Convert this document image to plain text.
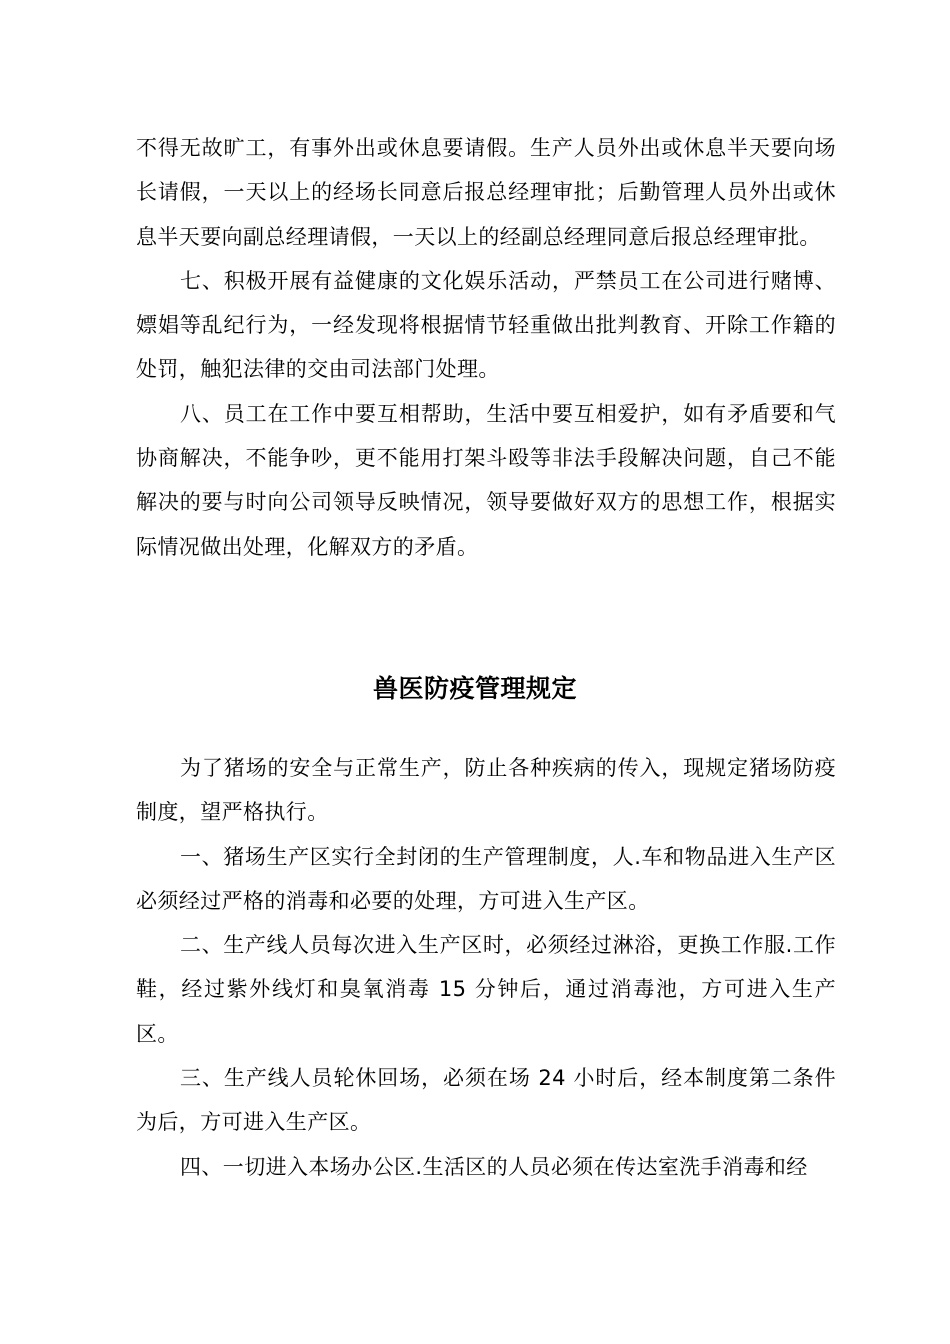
不得无故旷工，有事外出或休息要请假。生产人员外出或休息半天要向场长请假，一天以上的经场长同意后报总经理审批；后勤管理人员外出或休息半天要向副总经理请假，一天以上的经副总经理同意后报总经理审批。

七、积极开展有益健康的文化娱乐活动，严禁员工在公司进行赌博、嫖娼等乱纪行为，一经发现将根据情节轻重做出批判教育、开除工作籍的处罚，触犯法律的交由司法部门处理。

八、员工在工作中要互相帮助，生活中要互相爱护，如有矛盾要和气协商解决，不能争吵，更不能用打架斗殴等非法手段解决问题，自己不能解决的要与时向公司领导反映情况，领导要做好双方的思想工作，根据实际情况做出处理，化解双方的矛盾。

兽医防疫管理规定

为了猪场的安全与正常生产，防止各种疾病的传入，现规定猪场防疫制度，望严格执行。

一、猪场生产区实行全封闭的生产管理制度，人.车和物品进入生产区必须经过严格的消毒和必要的处理，方可进入生产区。

二、生产线人员每次进入生产区时，必须经过淋浴，更换工作服.工作鞋，经过紫外线灯和臭氧消毒 15 分钟后，通过消毒池，方可进入生产区。

三、生产线人员轮休回场，必须在场 24 小时后，经本制度第二条件为后，方可进入生产区。

四、一切进入本场办公区.生活区的人员必须在传达室洗手消毒和经
